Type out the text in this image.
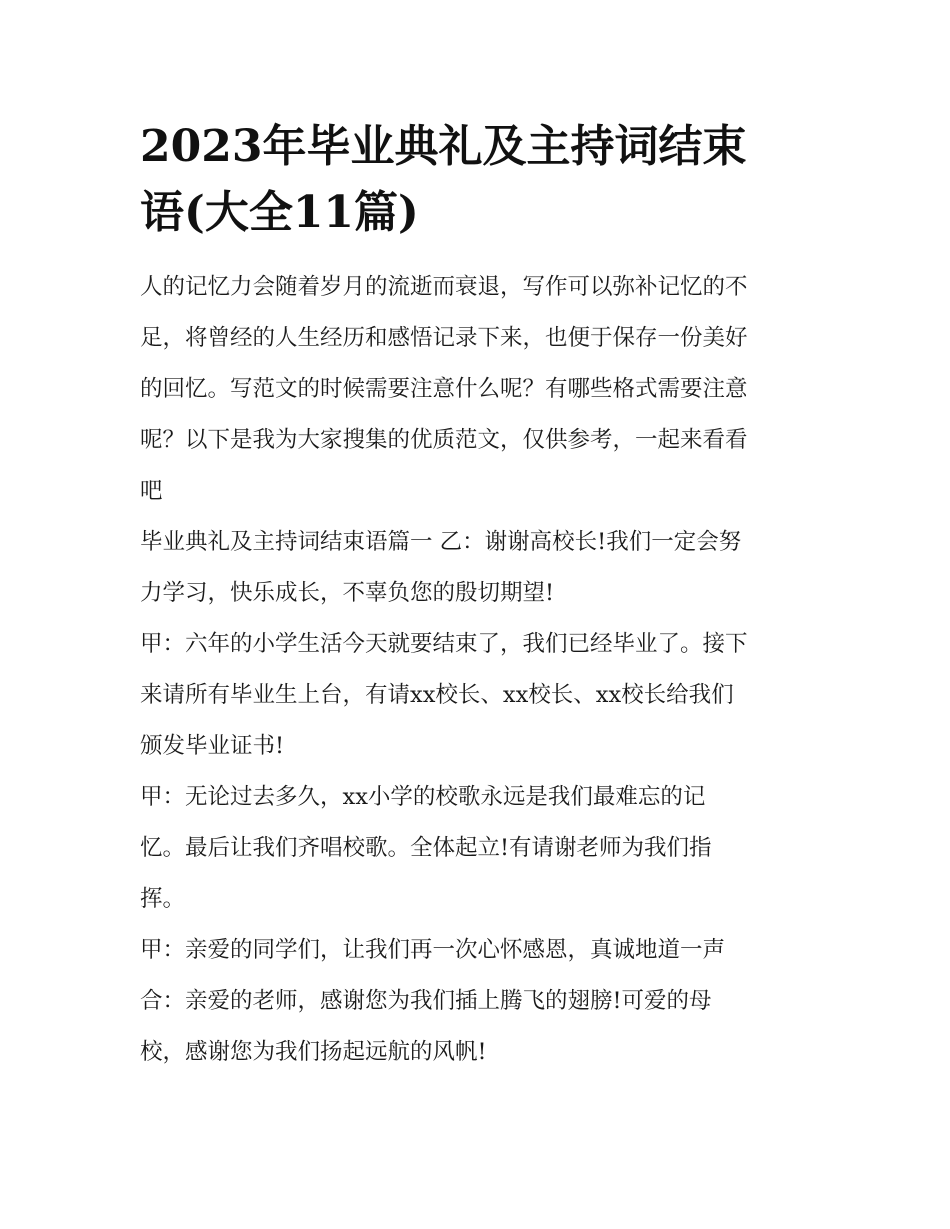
2023年毕业典礼及主持词结束
语(大全11篇)

人的记忆力会随着岁月的流逝而衰退，写作可以弥补记忆的不
足，将曾经的人生经历和感悟记录下来，也便于保存一份美好
的回忆。写范文的时候需要注意什么呢？有哪些格式需要注意
呢？以下是我为大家搜集的优质范文，仅供参考，一起来看看
吧

毕业典礼及主持词结束语篇一 乙：谢谢高校长!我们一定会努
力学习，快乐成长，不辜负您的殷切期望!

甲：六年的小学生活今天就要结束了，我们已经毕业了。接下
来请所有毕业生上台，有请xx校长、xx校长、xx校长给我们
颁发毕业证书!

甲：无论过去多久，xx小学的校歌永远是我们最难忘的记
忆。最后让我们齐唱校歌。全体起立!有请谢老师为我们指
挥。

甲：亲爱的同学们，让我们再一次心怀感恩，真诚地道一声
合：亲爱的老师，感谢您为我们插上腾飞的翅膀!可爱的母
校，感谢您为我们扬起远航的风帆!
